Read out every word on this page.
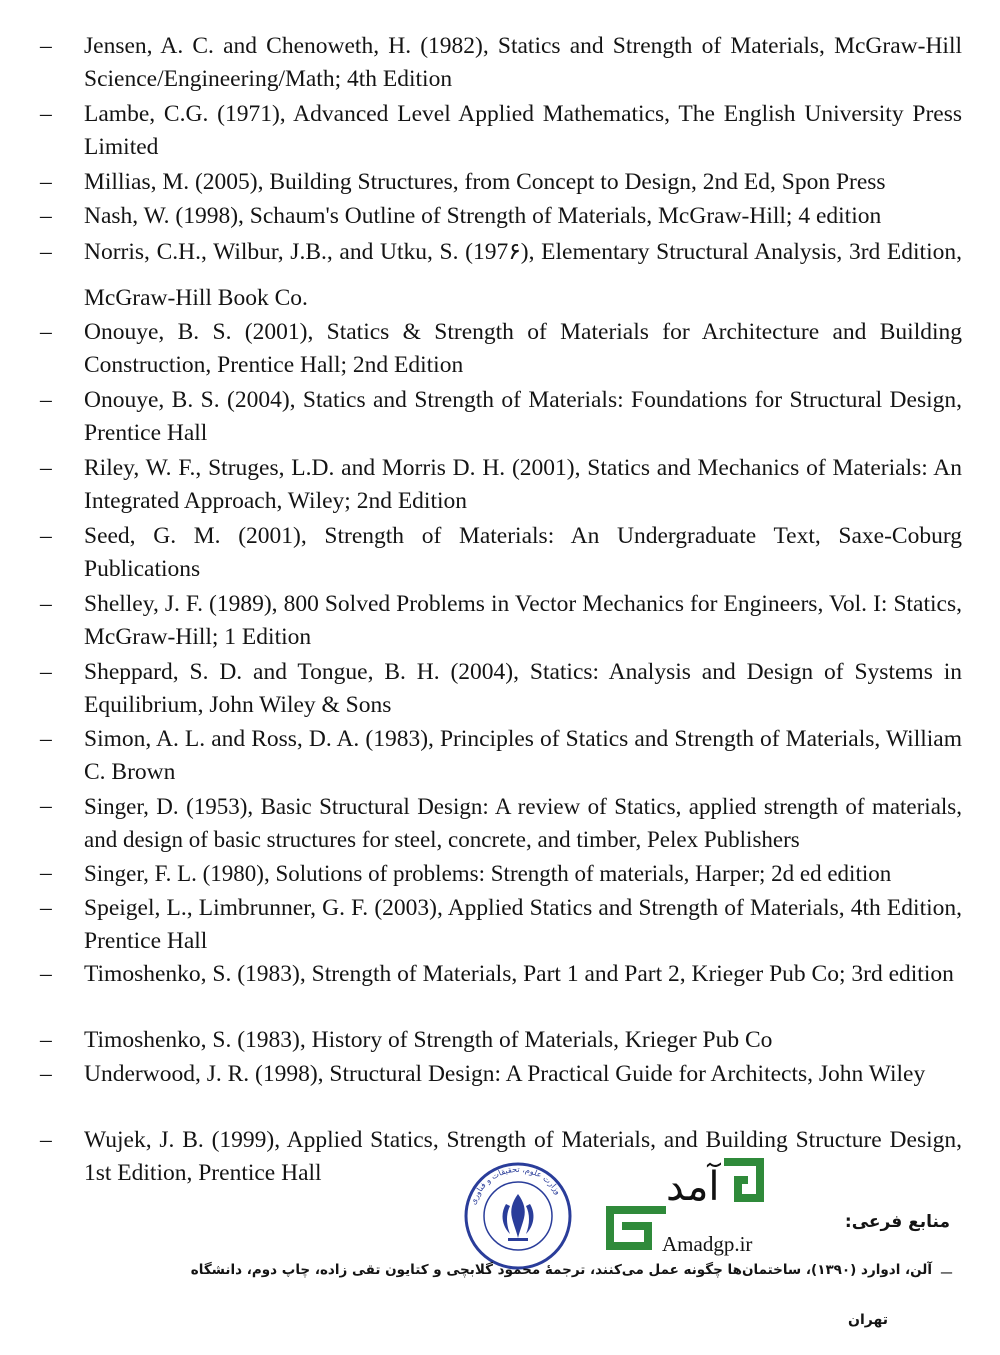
–	Jensen, A. C. and Chenoweth, H. (1982), Statics and Strength of Materials, McGraw-Hill Science/Engineering/Math; 4th Edition
–	Lambe, C.G. (1971), Advanced Level Applied Mathematics, The English University Press Limited
–	Millias, M. (2005), Building Structures, from Concept to Design, 2nd Ed, Spon Press
–	Nash, W. (1998), Schaum's Outline of Strength of Materials, McGraw-Hill; 4 edition
–	Norris, C.H., Wilbur, J.B., and Utku, S. (197۶), Elementary Structural Analysis, 3rd Edition, McGraw-Hill Book Co.
–	Onouye, B. S. (2001), Statics & Strength of Materials for Architecture and Building Construction, Prentice Hall; 2nd Edition
–	Onouye, B. S. (2004), Statics and Strength of Materials: Foundations for Structural Design, Prentice Hall
–	Riley, W. F., Struges, L.D. and Morris D. H. (2001), Statics and Mechanics of Materials: An Integrated Approach, Wiley; 2nd Edition
–	Seed, G. M. (2001), Strength of Materials: An Undergraduate Text, Saxe-Coburg Publications
–	Shelley, J. F. (1989), 800 Solved Problems in Vector Mechanics for Engineers, Vol. I: Statics, McGraw-Hill; 1 Edition
–	Sheppard, S. D. and Tongue, B. H. (2004), Statics: Analysis and Design of Systems in Equilibrium, John Wiley & Sons
–	Simon, A. L. and Ross, D. A. (1983), Principles of Statics and Strength of Materials, William C. Brown
–	Singer, D. (1953), Basic Structural Design: A review of Statics, applied strength of materials, and design of basic structures for steel, concrete, and timber, Pelex Publishers
–	Singer, F. L. (1980), Solutions of problems: Strength of materials, Harper; 2d ed edition
–	Speigel, L., Limbrunner, G. F. (2003), Applied Statics and Strength of Materials, 4th Edition, Prentice Hall
–	Timoshenko, S. (1983), Strength of Materials, Part 1 and Part 2, Krieger Pub Co; 3rd edition
–	Timoshenko, S. (1983), History of Strength of Materials, Krieger Pub Co
–	Underwood, J. R. (1998), Structural Design: A Practical Guide for Architects, John Wiley
–	Wujek, J. B. (1999), Applied Statics, Strength of Materials, and Building Structure Design, 1st Edition, Prentice Hall
وزارت علوم، تحقیقات و فناوری	آمد
Amadgp.ir
منابع فرعی:
–
آلن، ادوارد (۱۳۹۰)، ساختمان‌ها چگونه عمل می‌کنند، ترجمهٔ محمود گلابچی و کتایون تقی زاده، چاپ دوم، دانشگاه
تهران
